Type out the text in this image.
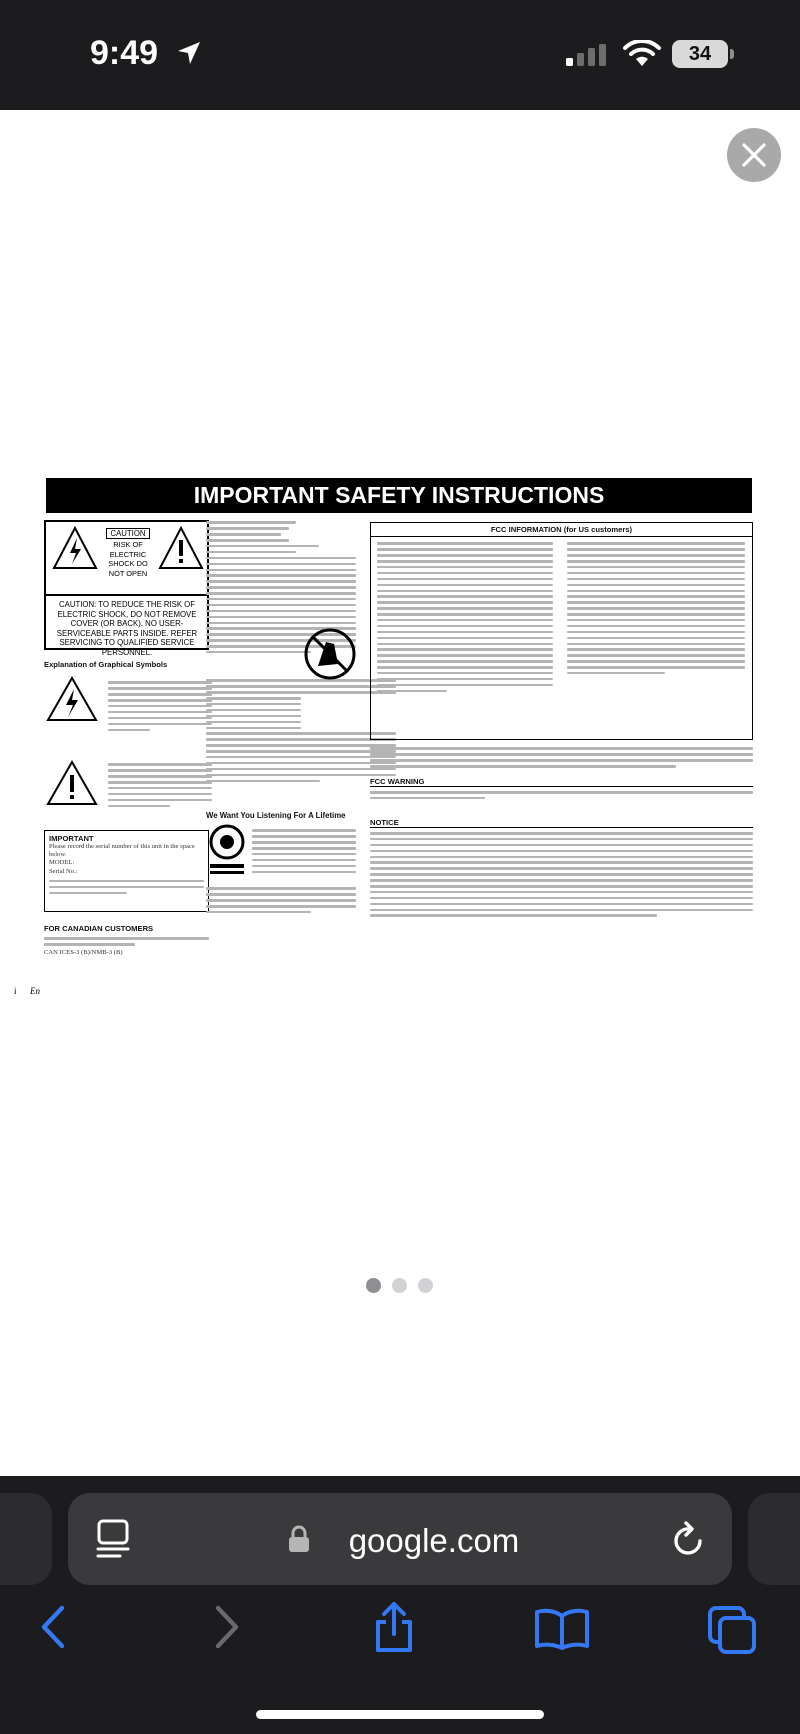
9:49	34
IMPORTANT SAFETY INSTRUCTIONS
CAUTION
RISK OF ELECTRIC SHOCK DO NOT OPEN
CAUTION: TO REDUCE THE RISK OF ELECTRIC SHOCK, DO NOT REMOVE COVER (OR BACK). NO USER-SERVICEABLE PARTS INSIDE. REFER SERVICING TO QUALIFIED SERVICE PERSONNEL.
Explanation of Graphical Symbols
IMPORTANT
Please record the serial number of this unit in the space below.
MODEL:
Serial No.:
FOR CANADIAN CUSTOMERS
CAN ICES-3 (B)/NMB-3 (B)
We Want You Listening For A Lifetime
FCC INFORMATION (for US customers)
FCC WARNING
NOTICE
i En
google.com
